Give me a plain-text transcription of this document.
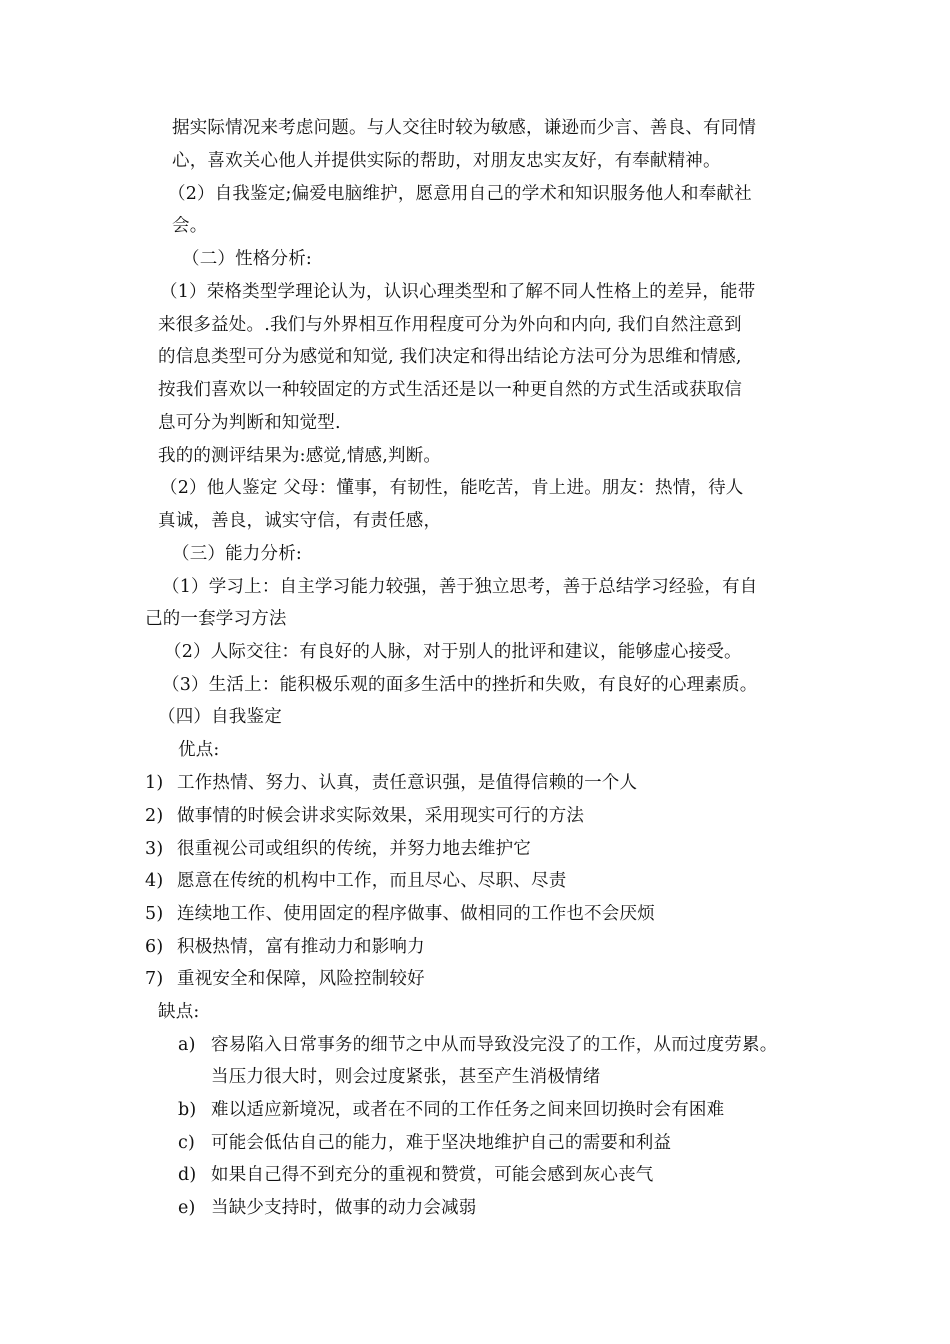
据实际情况来考虑问题。与人交往时较为敏感，谦逊而少言、善良、有同情
心，喜欢关心他人并提供实际的帮助，对朋友忠实友好，有奉献精神。
（2）自我鉴定;偏爱电脑维护，愿意用自己的学术和知识服务他人和奉献社
会。
（二）性格分析:
（1）荣格类型学理论认为，认识心理类型和了解不同人性格上的差异，能带
来很多益处。.我们与外界相互作用程度可分为外向和内向, 我们自然注意到
的信息类型可分为感觉和知觉, 我们决定和得出结论方法可分为思维和情感,
按我们喜欢以一种较固定的方式生活还是以一种更自然的方式生活或获取信
息可分为判断和知觉型.
我的的测评结果为:感觉,情感,判断。
（2）他人鉴定 父母：懂事，有韧性，能吃苦，肯上进。朋友：热情，待人
真诚，善良，诚实守信，有责任感，
（三）能力分析:
（1）学习上：自主学习能力较强，善于独立思考，善于总结学习经验，有自
己的一套学习方法
（2）人际交往：有良好的人脉，对于别人的批评和建议，能够虚心接受。
（3）生活上：能积极乐观的面多生活中的挫折和失败，有良好的心理素质。
（四）自我鉴定
优点:
1) 工作热情、努力、认真，责任意识强，是值得信赖的一个人
2) 做事情的时候会讲求实际效果，采用现实可行的方法
3) 很重视公司或组织的传统，并努力地去维护它
4) 愿意在传统的机构中工作，而且尽心、尽职、尽责
5) 连续地工作、使用固定的程序做事、做相同的工作也不会厌烦
6) 积极热情，富有推动力和影响力
7) 重视安全和保障，风险控制较好
缺点:
a) 容易陷入日常事务的细节之中从而导致没完没了的工作，从而过度劳累。
当压力很大时，则会过度紧张，甚至产生消极情绪
b) 难以适应新境况，或者在不同的工作任务之间来回切换时会有困难
c) 可能会低估自己的能力，难于坚决地维护自己的需要和利益
d) 如果自己得不到充分的重视和赞赏，可能会感到灰心丧气
e) 当缺少支持时，做事的动力会减弱
